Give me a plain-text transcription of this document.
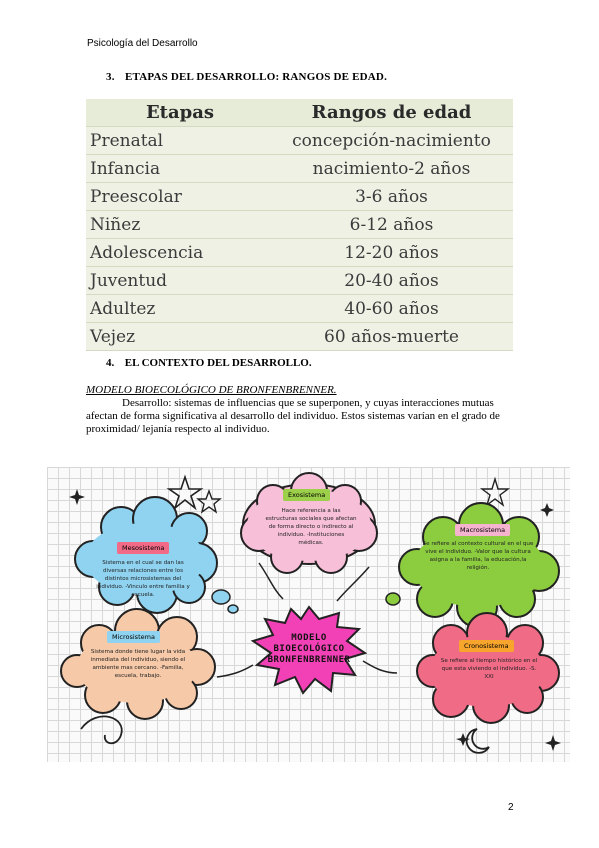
Psicología del Desarrollo
3. ETAPAS DEL DESARROLLO: RANGOS DE EDAD.
Etapas	Rangos de edad
Prenatal	concepción-nacimiento
Infancia	nacimiento-2 años
Preescolar	3-6 años
Niñez	6-12 años
Adolescencia	12-20 años
Juventud	20-40 años
Adultez	40-60 años
Vejez	60 años-muerte
4. EL CONTEXTO DEL DESARROLLO.
MODELO BIOECOLÓGICO DE BRONFENBRENNER.
Desarrollo: sistemas de influencias que se superponen, y cuyas interacciones mutuas afectan de forma significativa al desarrollo del individuo. Estos sistemas varían en el grado de proximidad/ lejanía respecto al individuo.
Exosistema
Hace referencia a las estructuras sociales que afectan de forma directo o indirecto al individuo. -Instituciones médicas.
Mesosistema
Sistema en el cual se dan las diversas relaciones entre los distintos microsistemas del individuo. -Vinculo entre familia y escuela.
Macrosistema
Se refiere al contexto cultural en el que vive el individuo. -Valor que la cultura asigna a la familia, la educación,la religión.
Microsistema
Sistema donde tiene lugar la vida inmediata del individuo, siendo el ambiente mas cercano. -Familia, escuela, trabajo.
Cronosistema
Se refiere al tiempo histórico en el que esta viviendo el individuo. -S. XXI
MODELO
BIOECOLÓGICO
BRONFENBRENNER
2
